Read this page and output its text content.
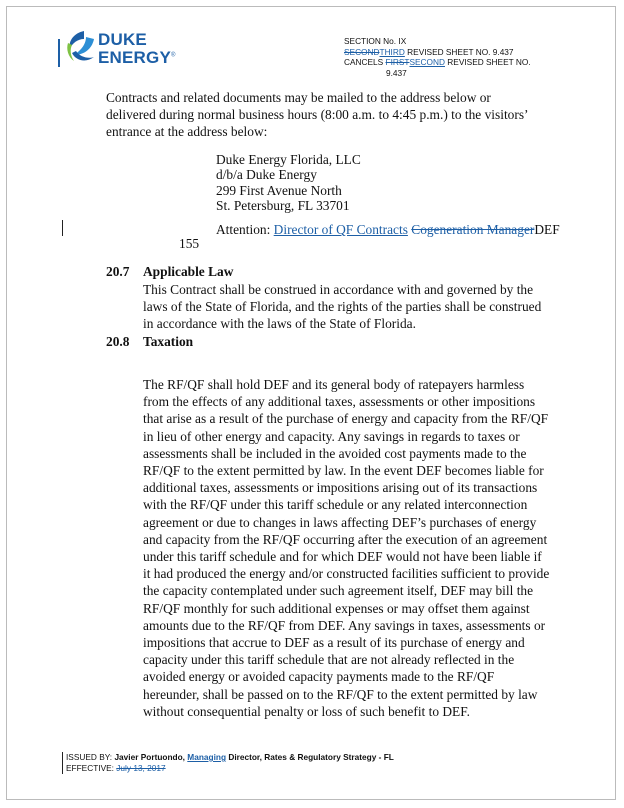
DUKE
ENERGY®
SECTION No. IX
SECONDTHIRD REVISED SHEET NO. 9.437
CANCELS FIRSTSECOND REVISED SHEET NO.
9.437

Contracts and related documents may be mailed to the address below or delivered during normal business hours (8:00 a.m. to 4:45 p.m.) to the visitors’ entrance at the address below:

Duke Energy Florida, LLC
d/b/a Duke Energy
299 First Avenue North
St. Petersburg, FL 33701
Attention: Director of QF Contracts Cogeneration ManagerDEF
155
20.7 Applicable Law

This Contract shall be construed in accordance with and governed by the laws of the State of Florida, and the rights of the parties shall be construed in accordance with the laws of the State of Florida.

20.8 Taxation

The RF/QF shall hold DEF and its general body of ratepayers harmless from the effects of any additional taxes, assessments or other impositions that arise as a result of the purchase of energy and capacity from the RF/QF in lieu of other energy and capacity. Any savings in regards to taxes or assessments shall be included in the avoided cost payments made to the RF/QF to the extent permitted by law. In the event DEF becomes liable for additional taxes, assessments or impositions arising out of its transactions with the RF/QF under this tariff schedule or any related interconnection agreement or due to changes in laws affecting DEF’s purchases of energy and capacity from the RF/QF occurring after the execution of an agreement under this tariff schedule and for which DEF would not have been liable if it had produced the energy and/or constructed facilities sufficient to provide the capacity contemplated under such agreement itself, DEF may bill the RF/QF monthly for such additional expenses or may offset them against amounts due to the RF/QF from DEF. Any savings in taxes, assessments or impositions that accrue to DEF as a result of its purchase of energy and capacity under this tariff schedule that are not already reflected in the avoided energy or avoided capacity payments made to the RF/QF hereunder, shall be passed on to the RF/QF to the extent permitted by law without consequential penalty or loss of such benefit to DEF.

ISSUED BY: Javier Portuondo, Managing Director, Rates & Regulatory Strategy - FL
EFFECTIVE: July 13, 2017
